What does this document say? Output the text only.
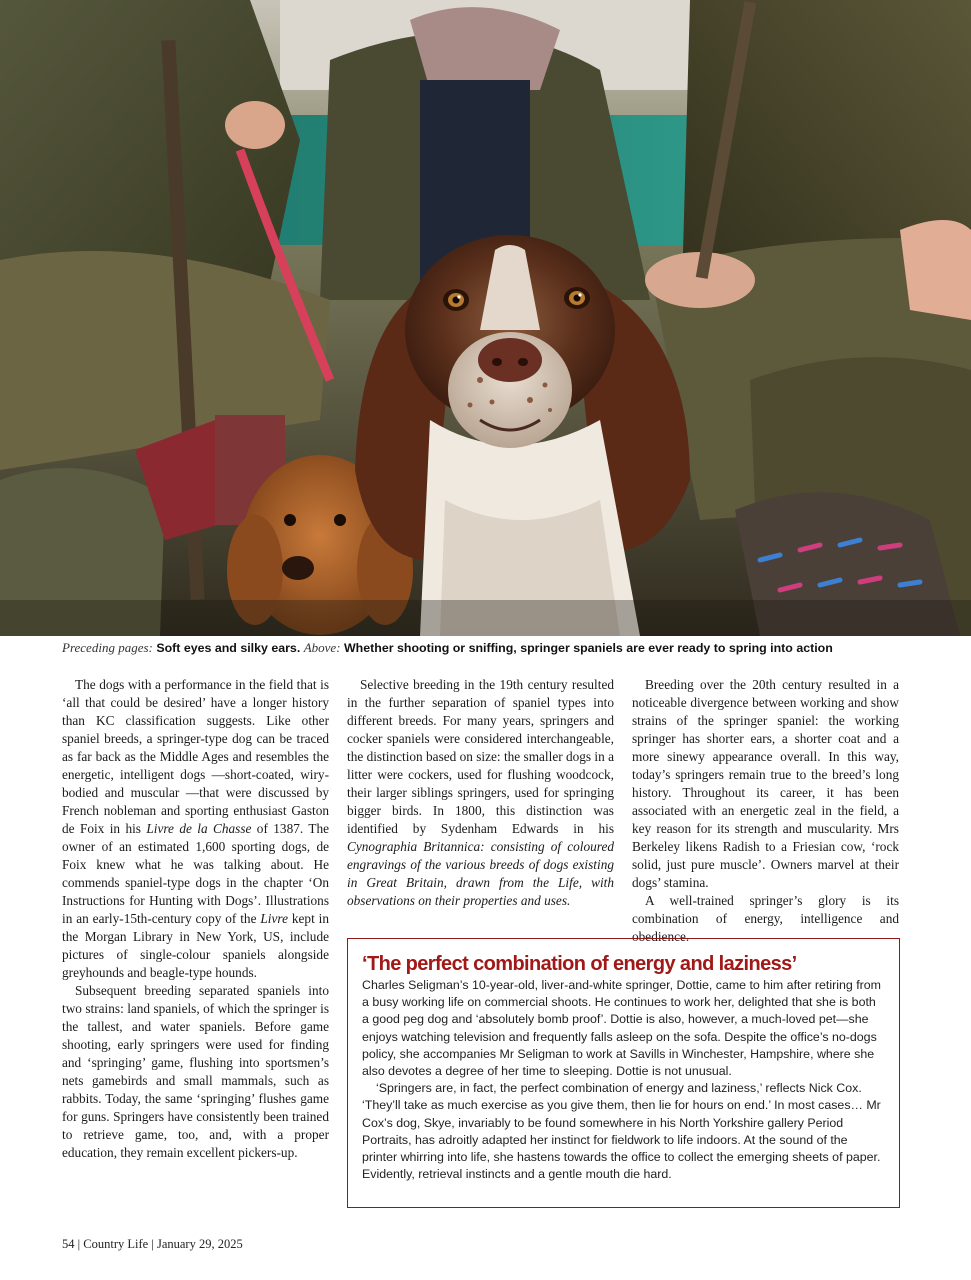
Preceding pages: Soft eyes and silky ears. Above: Whether shooting or sniffing, springer spaniels are ever ready to spring into action

The dogs with a performance in the field that is ‘all that could be desired’ have a longer history than KC classification suggests. Like other spaniel breeds, a springer-type dog can be traced as far back as the Middle Ages and resembles the energetic, intelligent dogs —short-coated, wiry-bodied and muscular —that were discussed by French nobleman and sporting enthusiast Gaston de Foix in his Livre de la Chasse of 1387. The owner of an estimated 1,600 sporting dogs, de Foix knew what he was talking about. He commends spaniel-type dogs in the chapter ‘On Instructions for Hunting with Dogs’. Illustrations in an early-15th-century copy of the Livre kept in the Morgan Library in New York, US, include pictures of single-colour spaniels alongside greyhounds and beagle-type hounds.

Subsequent breeding separated spaniels into two strains: land spaniels, of which the springer is the tallest, and water spaniels. Before game shooting, early springers were used for finding and ‘springing’ game, flushing into sportsmen’s nets gamebirds and small mammals, such as rabbits. Today, the same ‘springing’ flushes game for guns. Springers have consistently been trained to retrieve game, too, and, with a proper education, they remain excellent pickers-up.

Selective breeding in the 19th century resulted in the further separation of spaniel types into different breeds. For many years, springers and cocker spaniels were considered interchangeable, the distinction based on size: the smaller dogs in a litter were cockers, used for flushing woodcock, their larger siblings springers, used for springing bigger birds. In 1800, this distinction was identified by Sydenham Edwards in his Cynographia Britannica: consisting of coloured engravings of the various breeds of dogs existing in Great Britain, drawn from the Life, with observations on their properties and uses.

Breeding over the 20th century resulted in a noticeable divergence between working and show strains of the springer spaniel: the working springer has shorter ears, a shorter coat and a more sinewy appearance overall. In this way, today’s springers remain true to the breed’s long history. Throughout its career, it has been associated with an energetic zeal in the field, a key reason for its strength and muscularity. Mrs Berkeley likens Radish to a Friesian cow, ‘rock solid, just pure muscle’. Owners marvel at their dogs’ stamina.

A well-trained springer’s glory is its combination of energy, intelligence and obedience.

‘The perfect combination of energy and laziness’

Charles Seligman’s 10-year-old, liver-and-white springer, Dottie, came to him after retiring from a busy working life on commercial shoots. He continues to work her, delighted that she is both a good peg dog and ‘absolutely bomb proof’. Dottie is also, however, a much-loved pet—she enjoys watching television and frequently falls asleep on the sofa. Despite the office’s no-dogs policy, she accompanies Mr Seligman to work at Savills in Winchester, Hampshire, where she also devotes a degree of her time to sleeping. Dottie is not unusual.

‘Springers are, in fact, the perfect combination of energy and laziness,’ reflects Nick Cox. ‘They’ll take as much exercise as you give them, then lie for hours on end.’ In most cases… Mr Cox’s dog, Skye, invariably to be found somewhere in his North Yorkshire gallery Period Portraits, has adroitly adapted her instinct for fieldwork to life indoors. At the sound of the printer whirring into life, she hastens towards the office to collect the emerging sheets of paper. Evidently, retrieval instincts and a gentle mouth die hard.

54 | Country Life | January 29, 2025
